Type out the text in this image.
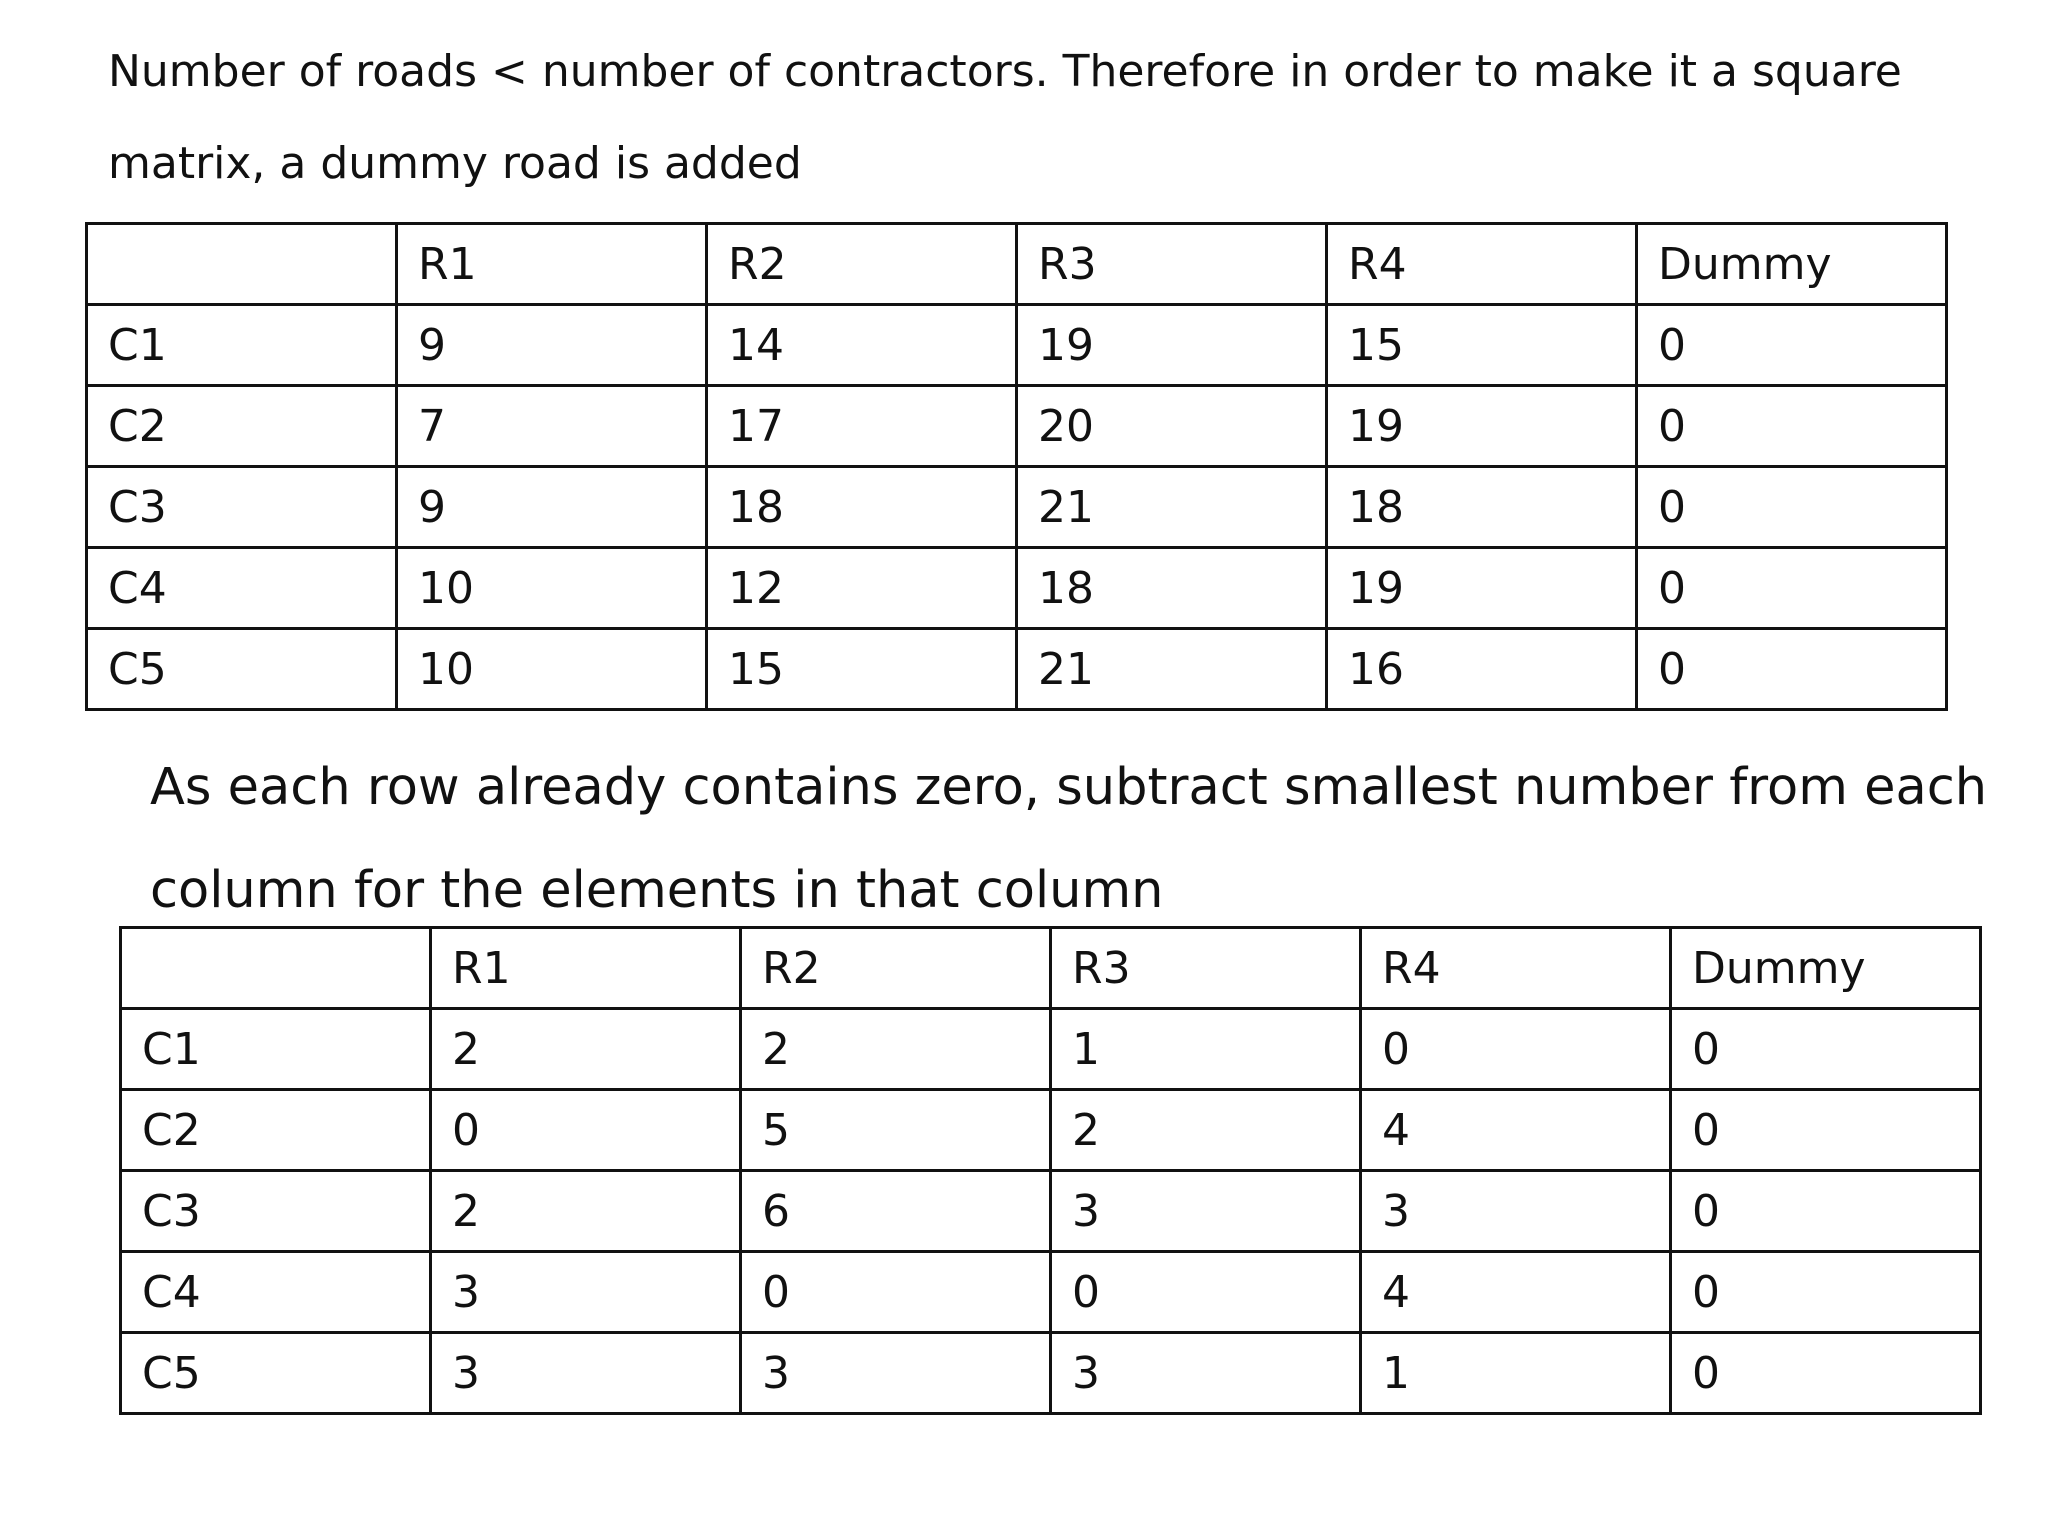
Number of roads < number of contractors. Therefore in order to make it a square matrix, a dummy road is added

	R1	R2	R3	R4	Dummy
C1	9	14	19	15	0
C2	7	17	20	19	0
C3	9	18	21	18	0
C4	10	12	18	19	0
C5	10	15	21	16	0

As each row already contains zero, subtract smallest number from each column for the elements in that column

	R1	R2	R3	R4	Dummy
C1	2	2	1	0	0
C2	0	5	2	4	0
C3	2	6	3	3	0
C4	3	0	0	4	0
C5	3	3	3	1	0
